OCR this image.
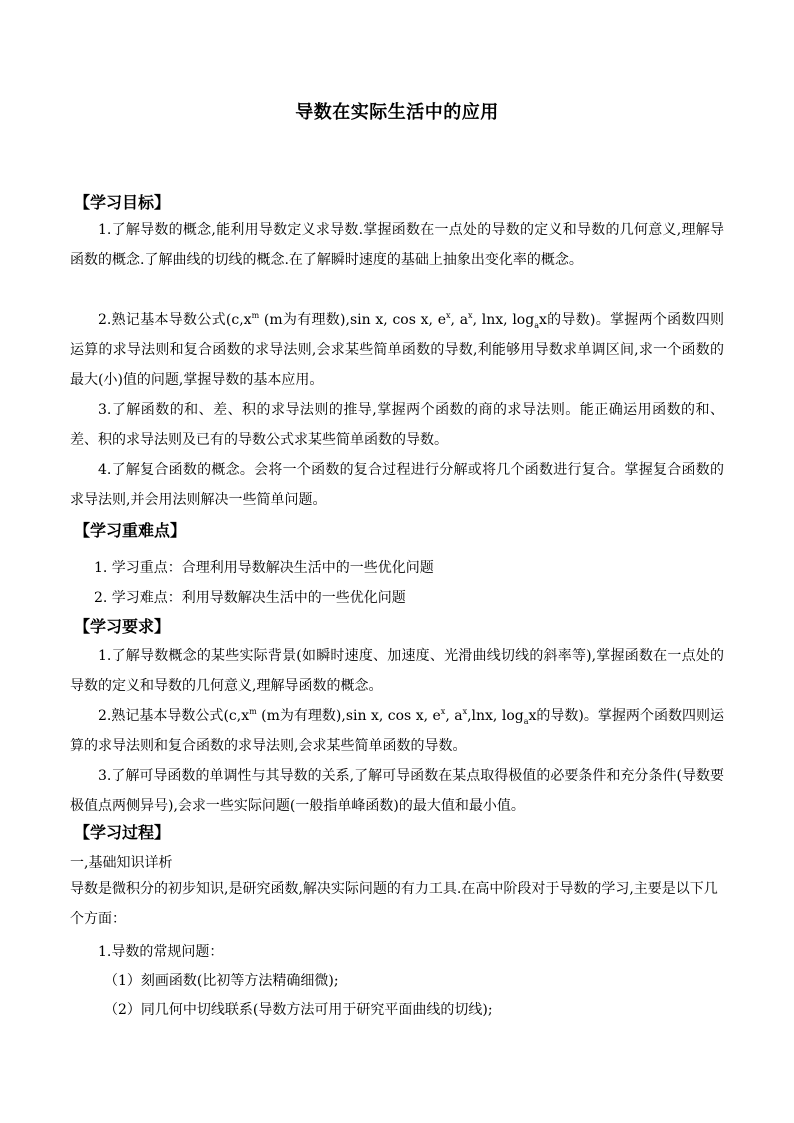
导数在实际生活中的应用
【学习目标】
1.了解导数的概念,能利用导数定义求导数.掌握函数在一点处的导数的定义和导数的几何意义,理解导函数的概念.了解曲线的切线的概念.在了解瞬时速度的基础上抽象出变化率的概念。
2.熟记基本导数公式($c,x^m$ (m为有理数),sin x, cos x, $e^x$, $a^x$, lnx, $\log_ax$的导数)。掌握两个函数四则运算的求导法则和复合函数的求导法则,会求某些简单函数的导数,利能够用导数求单调区间,求一个函数的最大(小)值的问题,掌握导数的基本应用。
3.了解函数的和、差、积的求导法则的推导,掌握两个函数的商的求导法则。能正确运用函数的和、差、积的求导法则及已有的导数公式求某些简单函数的导数。
4.了解复合函数的概念。会将一个函数的复合过程进行分解或将几个函数进行复合。掌握复合函数的求导法则,并会用法则解决一些简单问题。
【学习重难点】
1. 学习重点：合理利用导数解决生活中的一些优化问题
2. 学习难点：利用导数解决生活中的一些优化问题
【学习要求】
1.了解导数概念的某些实际背景(如瞬时速度、加速度、光滑曲线切线的斜率等),掌握函数在一点处的导数的定义和导数的几何意义,理解导函数的概念。
2.熟记基本导数公式($c,x^m$ (m为有理数),sin x, cos x, $e^x$, $a^x,\ln x$, $\log_ax$的导数)。掌握两个函数四则运算的求导法则和复合函数的求导法则,会求某些简单函数的导数。
3.了解可导函数的单调性与其导数的关系,了解可导函数在某点取得极值的必要条件和充分条件(导数要极值点两侧异号),会求一些实际问题(一般指单峰函数)的最大值和最小值。
【学习过程】
一,基础知识详析
导数是微积分的初步知识,是研究函数,解决实际问题的有力工具.在高中阶段对于导数的学习,主要是以下几个方面：
1.导数的常规问题：
（1）刻画函数(比初等方法精确细微);
（2）同几何中切线联系(导数方法可用于研究平面曲线的切线);
